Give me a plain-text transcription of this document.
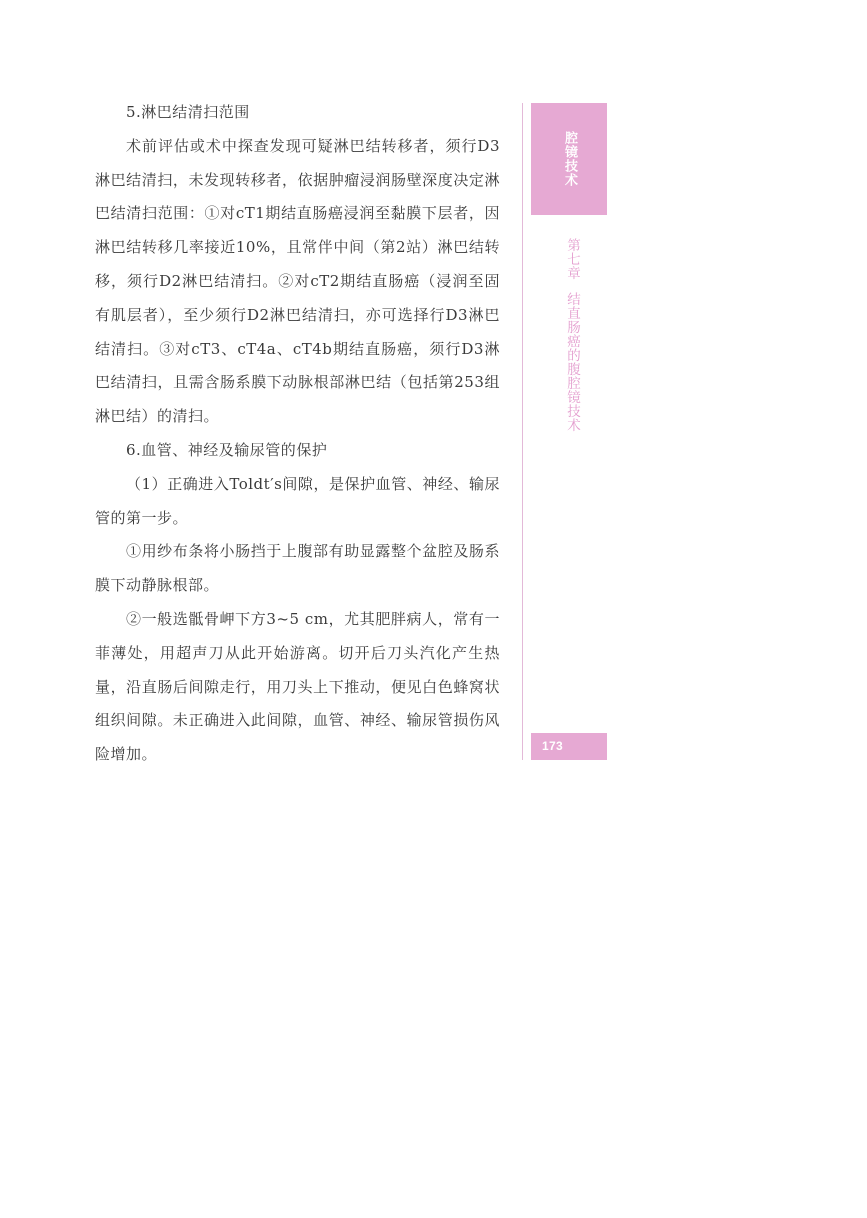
5.淋巴结清扫范围

术前评估或术中探查发现可疑淋巴结转移者，须行D3淋巴结清扫，未发现转移者，依据肿瘤浸润肠壁深度决定淋巴结清扫范围：①对cT1期结直肠癌浸润至黏膜下层者，因淋巴结转移几率接近10%，且常伴中间（第2站）淋巴结转移，须行D2淋巴结清扫。②对cT2期结直肠癌（浸润至固有肌层者），至少须行D2淋巴结清扫，亦可选择行D3淋巴结清扫。③对cT3、cT4a、cT4b期结直肠癌，须行D3淋巴结清扫，且需含肠系膜下动脉根部淋巴结（包括第253组淋巴结）的清扫。

6.血管、神经及输尿管的保护

（1）正确进入Toldt′s间隙，是保护血管、神经、输尿管的第一步。

①用纱布条将小肠挡于上腹部有助显露整个盆腔及肠系膜下动静脉根部。

②一般选骶骨岬下方3~5 cm，尤其肥胖病人，常有一菲薄处，用超声刀从此开始游离。切开后刀头汽化产生热量，沿直肠后间隙走行，用刀头上下推动，便见白色蜂窝状组织间隙。未正确进入此间隙，血管、神经、输尿管损伤风险增加。

腔镜技术
第七章结直肠癌的腹腔镜技术
173
